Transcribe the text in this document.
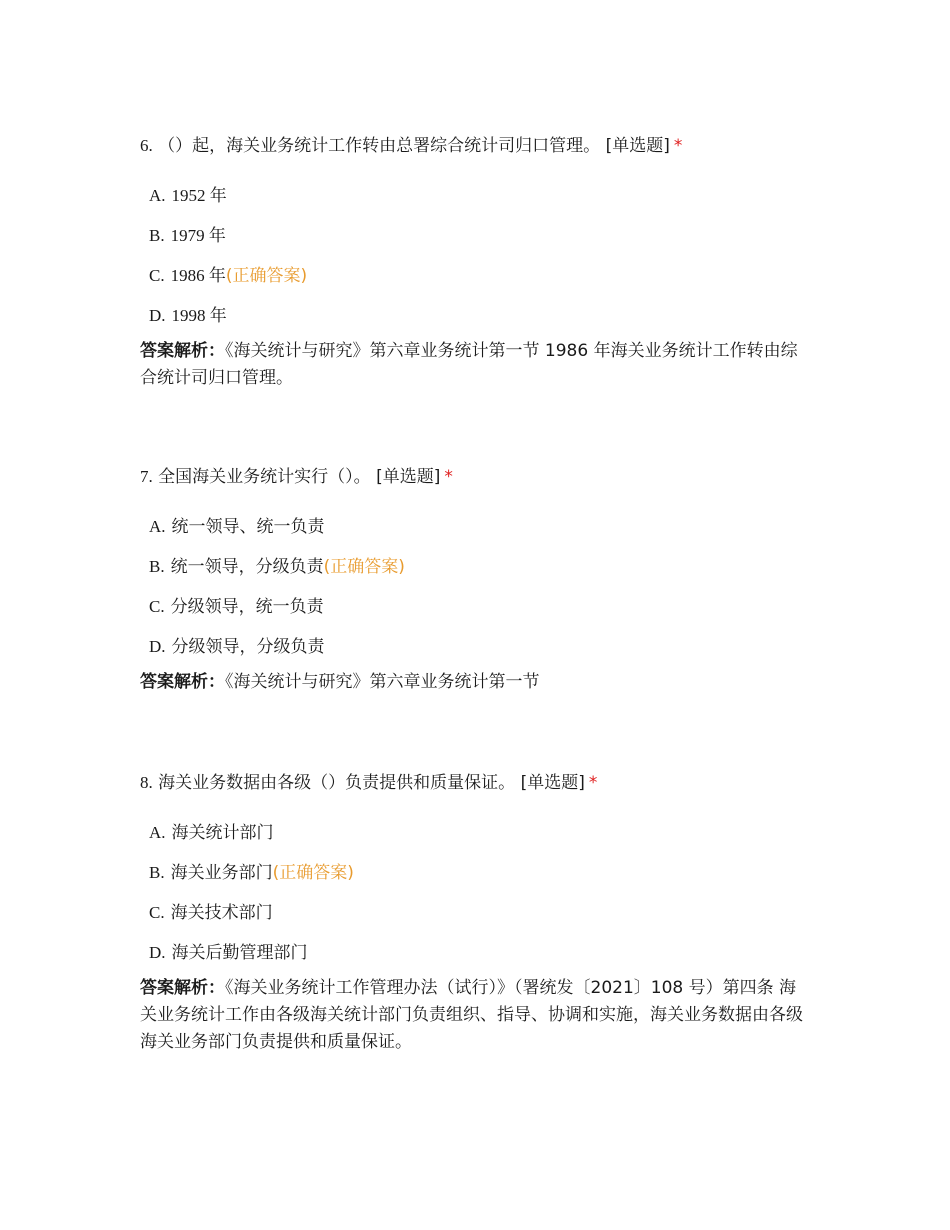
6. （）起，海关业务统计工作转由总署综合统计司归口管理。 [单选题] *

A. 1952 年
B. 1979 年
C. 1986 年 (正确答案)
D. 1998 年

答案解析：《海关统计与研究》第六章业务统计第一节 1986 年海关业务统计工作转由综合统计司归口管理。

7. 全国海关业务统计实行（）。 [单选题] *

A. 统一领导、统一负责
B. 统一领导，分级负责 (正确答案)
C. 分级领导，统一负责
D. 分级领导，分级负责

答案解析：《海关统计与研究》第六章业务统计第一节

8. 海关业务数据由各级（）负责提供和质量保证。 [单选题] *

A. 海关统计部门
B. 海关业务部门 (正确答案)
C. 海关技术部门
D. 海关后勤管理部门

答案解析：《海关业务统计工作管理办法（试行）》（署统发〔2021〕108 号）第四条 海关业务统计工作由各级海关统计部门负责组织、指导、协调和实施，海关业务数据由各级海关业务部门负责提供和质量保证。
